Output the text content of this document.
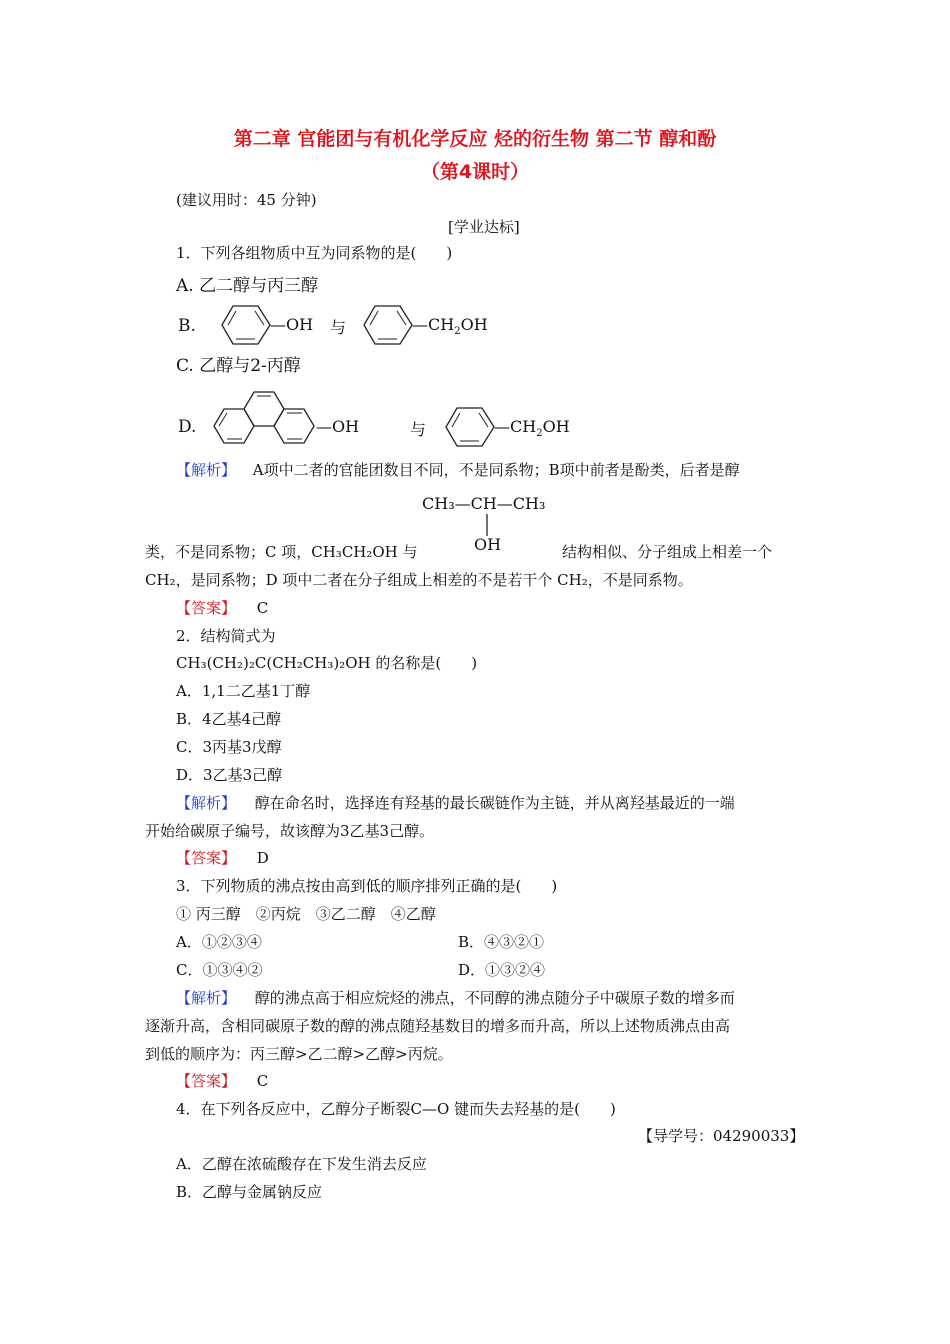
第二章 官能团与有机化学反应 烃的衍生物 第二节 醇和酚
（第4课时）
(建议用时：45 分钟)
[学业达标]
1．下列各组物质中互为同系物的是(　　)
A. 乙二醇与丙三醇
B.	—OH 与	$—CH_2OH$
C. 乙醇与2-丙醇
D.	—OH	与	$—CH_2OH$
【解析】 A项中二者的官能团数目不同，不是同系物；B项中前者是酚类，后者是醇
CH₃—CH—CH₃
OH
类，不是同系物；C 项，CH₃CH₂OH 与	结构相似、分子组成上相差一个
CH₂，是同系物；D 项中二者在分子组成上相差的不是若干个 CH₂，不是同系物。
【答案】 C
2．结构简式为
CH₃(CH₂)₂C(CH₂CH₃)₂OH 的名称是(　　)
A．1,1二乙基1丁醇
B．4乙基4己醇
C．3丙基3戊醇
D．3乙基3己醇
【解析】 醇在命名时，选择连有羟基的最长碳链作为主链，并从离羟基最近的一端
开始给碳原子编号，故该醇为3乙基3己醇。
【答案】 D
3．下列物质的沸点按由高到低的顺序排列正确的是(　　)
① 丙三醇　②丙烷　③乙二醇　④乙醇
A．①②③④	B．④③②①
C．①③④②	D．①③②④
【解析】 醇的沸点高于相应烷烃的沸点，不同醇的沸点随分子中碳原子数的增多而
逐渐升高，含相同碳原子数的醇的沸点随羟基数目的增多而升高，所以上述物质沸点由高
到低的顺序为：丙三醇>乙二醇>乙醇>丙烷。
【答案】 C
4．在下列各反应中，乙醇分子断裂C—O 键而失去羟基的是(　　)
【导学号：04290033】
A．乙醇在浓硫酸存在下发生消去反应
B．乙醇与金属钠反应
